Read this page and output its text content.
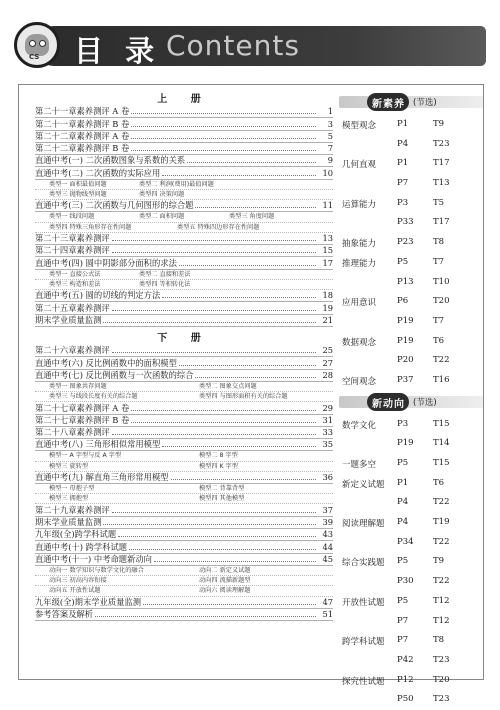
CS 目 录 Contents
上 册
第二十一章素养测评 A 卷	1
第二十一章素养测评 B 卷	3
第二十二章素养测评 A 卷	5
第二十二章素养测评 B 卷	7
直通中考(一) 二次函数图象与系数的关系	9
直通中考(二) 二次函数的实际应用	10
类型一 面积最值问题	类型二 利润(费用)最值问题
类型三 抛物线型问题	类型四 决策问题
直通中考(三) 二次函数与几何图形的综合题	11
类型一 线段问题	类型二 面积问题	类型三 角度问题
类型四 特殊三角形存在性问题	类型五 特殊四边形存在性问题
第二十三章素养测评	13
第二十四章素养测评	15
直通中考(四) 圆中阴影部分面积的求法	17
类型一 直接公式法	类型二 直接和差法
类型三 构造和差法	类型四 等积转化法
直通中考(五) 圆的切线的判定方法	18
第二十五章素养测评	19
期末学业质量监测	21
下 册
第二十六章素养测评	25
直通中考(六) 反比例函数中的面积模型	27
直通中考(七) 反比例函数与一次函数的综合	28
类型一 图象共存问题	类型二 图象交点问题
类型三 与线段长度有关的综合题	类型四 与图形面积有关的综合题
第二十七章素养测评 A 卷	29
第二十七章素养测评 B 卷	31
第二十八章素养测评	33
直通中考(八) 三角形相似常用模型	35
模型一 A 字型与反 A 字型	模型二 8 字型
模型三 旋转型	模型四 K 字型
直通中考(九) 解直角三角形常用模型	36
模型一 母抱子型	模型二 背靠背型
模型三 拥抱型	模型四 其他模型
第二十九章素养测评	37
期末学业质量监测	39
九年级(全)跨学科试题	43
直通中考(十) 跨学科试题	44
直通中考(十一) 中考命题新动向	45
动向一 数学知识与数学文化的融合	动向二 新定义试题
动向三 初高内容衔接	动向四 流描新题型
动向五 开放性试题	动向六 阅读理解题
九年级(全)期末学业质量监测	47
参考答案及解析	51
新素养 (节选)
模型观念	P1	T9
P4	T23
几何直观	P1	T17
P7	T13
运算能力	P3	T5
P33	T17
抽象能力	P23	T8
推理能力	P5	T7
P13	T10
应用意识	P6	T20
P19	T7
数据观念	P19	T6
P20	T22
空间观念	P37	T16
新动向 (节选)
数学文化	P3	T15
P19	T14
一题多空	P5	T15
新定义试题	P1	T6
P4	T22
阅读理解题	P4	T19
P34	T22
综合实践题	P5	T9
P30	T22
开放性试题	P5	T12
P7	T12
跨学科试题	P7	T8
P42	T23
探究性试题	P12	T20
P50	T23
